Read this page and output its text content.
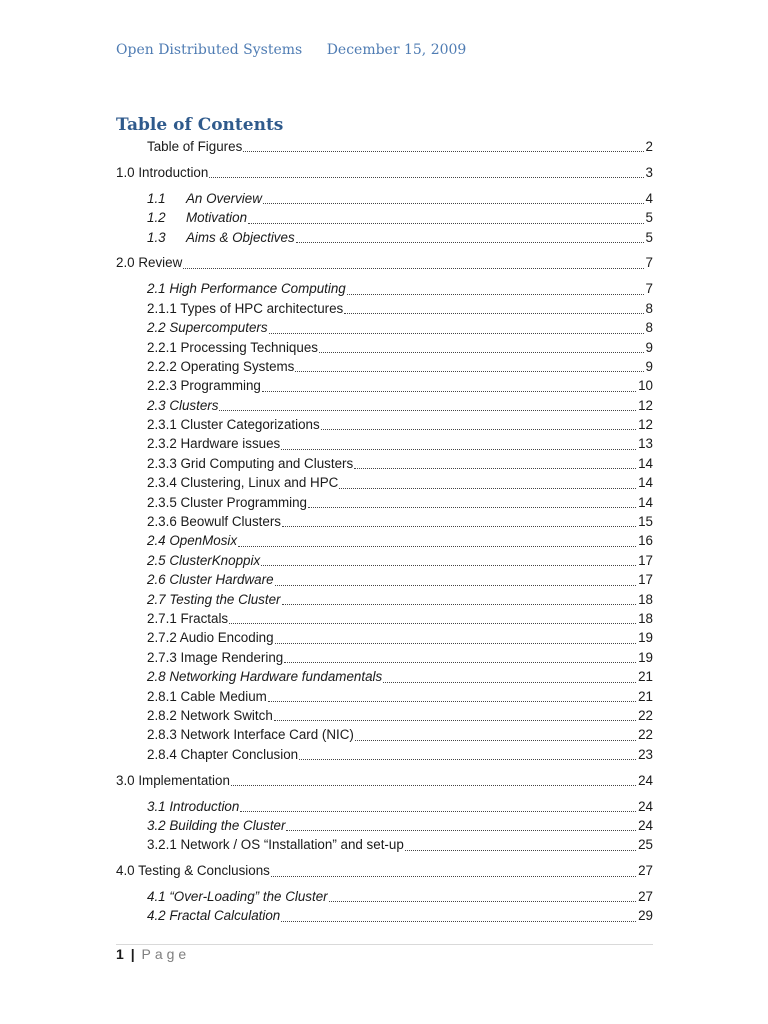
Open Distributed Systems December 15, 2009
Table of Contents
Table of Figures	2
1.0 Introduction	3
1.1 An Overview	4
1.2 Motivation	5
1.3 Aims & Objectives	5
2.0 Review	7
2.1 High Performance Computing	7
2.1.1 Types of HPC architectures	8
2.2 Supercomputers	8
2.2.1 Processing Techniques	9
2.2.2 Operating Systems	9
2.2.3 Programming	10
2.3 Clusters	12
2.3.1 Cluster Categorizations	12
2.3.2 Hardware issues	13
2.3.3 Grid Computing and Clusters	14
2.3.4 Clustering, Linux and HPC	14
2.3.5 Cluster Programming	14
2.3.6 Beowulf Clusters	15
2.4 OpenMosix	16
2.5 ClusterKnoppix	17
2.6 Cluster Hardware	17
2.7 Testing the Cluster	18
2.7.1 Fractals	18
2.7.2 Audio Encoding	19
2.7.3 Image Rendering	19
2.8 Networking Hardware fundamentals	21
2.8.1 Cable Medium	21
2.8.2 Network Switch	22
2.8.3 Network Interface Card (NIC)	22
2.8.4 Chapter Conclusion	23
3.0 Implementation	24
3.1 Introduction	24
3.2 Building the Cluster	24
3.2.1 Network / OS “Installation” and set-up	25
4.0 Testing & Conclusions	27
4.1 “Over-Loading” the Cluster	27
4.2 Fractal Calculation	29
1 | Page
